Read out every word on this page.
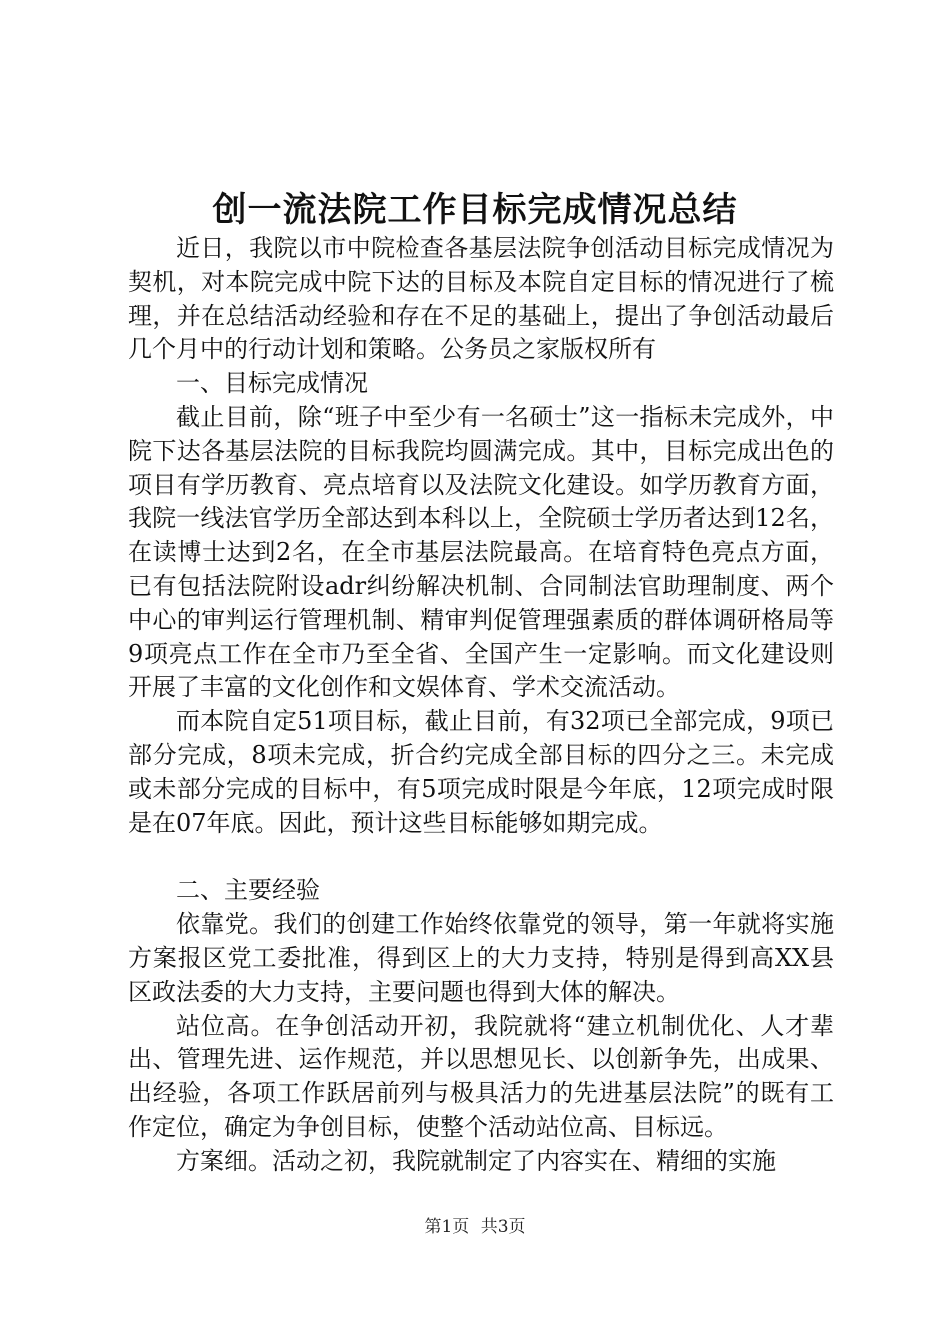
创一流法院工作目标完成情况总结

近日，我院以市中院检查各基层法院争创活动目标完成情况为契机，对本院完成中院下达的目标及本院自定目标的情况进行了梳理，并在总结活动经验和存在不足的基础上，提出了争创活动最后几个月中的行动计划和策略。公务员之家版权所有

一、目标完成情况

截止目前，除“班子中至少有一名硕士”这一指标未完成外，中院下达各基层法院的目标我院均圆满完成。其中，目标完成出色的项目有学历教育、亮点培育以及法院文化建设。如学历教育方面，我院一线法官学历全部达到本科以上，全院硕士学历者达到12名，在读博士达到2名，在全市基层法院最高。在培育特色亮点方面，已有包括法院附设adr纠纷解决机制、合同制法官助理制度、两个中心的审判运行管理机制、精审判促管理强素质的群体调研格局等9项亮点工作在全市乃至全省、全国产生一定影响。而文化建设则开展了丰富的文化创作和文娱体育、学术交流活动。

而本院自定51项目标，截止目前，有32项已全部完成，9项已部分完成，8项未完成，折合约完成全部目标的四分之三。未完成或未部分完成的目标中，有5项完成时限是今年底，12项完成时限是在07年底。因此，预计这些目标能够如期完成。

二、主要经验

依靠党。我们的创建工作始终依靠党的领导，第一年就将实施方案报区党工委批准，得到区上的大力支持，特别是得到高XX县区政法委的大力支持，主要问题也得到大体的解决。

站位高。在争创活动开初，我院就将“建立机制优化、人才辈出、管理先进、运作规范，并以思想见长、以创新争先，出成果、出经验，各项工作跃居前列与极具活力的先进基层法院”的既有工作定位，确定为争创目标，使整个活动站位高、目标远。

方案细。活动之初，我院就制定了内容实在、精细的实施

第1页 共3页
